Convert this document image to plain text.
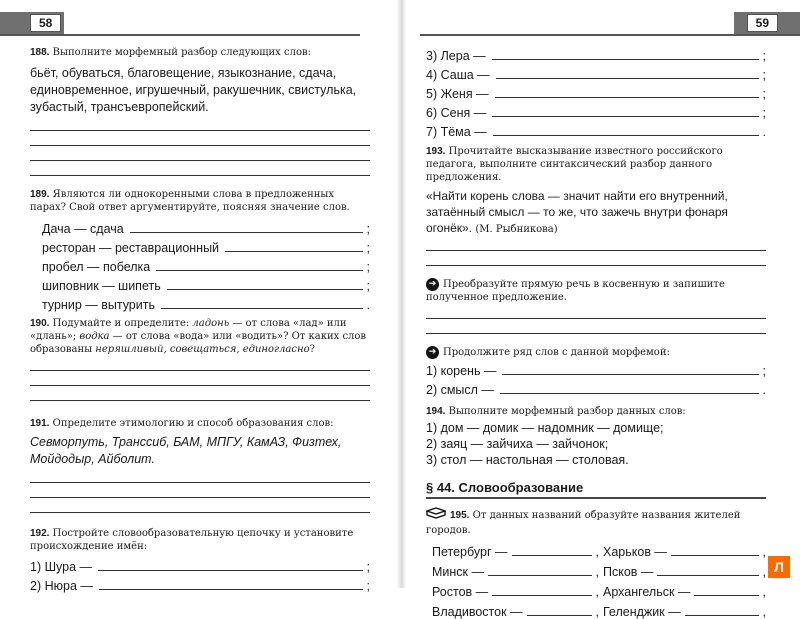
58
188. Выполните морфемный разбор следующих слов:
бьёт, обуваться, благовещение, языкознание, сдача, единовременное, игрушечный, ракушечник, свистулька, зубастый, трансъевропейский.
189. Являются ли однокоренными слова в предложенных парах? Свой ответ аргументируйте, поясняя значение слов.
Дача — сдача	;
ресторан — реставрационный	;
пробел — побелка	;
шиповник — шипеть	;
турнир — вытурить	.
190. Подумайте и определите: ладонь — от слова «лад» или «длань»; водка — от слова «вода» или «водить»? От каких слов образованы неряшливый, совещаться, единогласно?
191. Определите этимологию и способ образования слов:
Севморпуть, Транссиб, БАМ, МПГУ, КамАЗ, Физтех, Мойдодыр, Айболит.
192. Постройте словообразовательную цепочку и установите происхождение имён:
1) Шура —	;
2) Нюра —	;
59
3) Лера —	;
4) Саша —	;
5) Женя —	;
6) Сеня —	;
7) Тёма —	.
193. Прочитайте высказывание известного российского педагога, выполните синтаксический разбор данного предложения.
«Найти корень слова — значит найти его внутренний, затаённый смысл — то же, что зажечь внутри фонаря огонёк». (М. Рыбникова)
➔ Преобразуйте прямую речь в косвенную и запишите полученное предложение.
➔ Продолжите ряд слов с данной морфемой:
1) корень —	;
2) смысл —	.
194. Выполните морфемный разбор данных слов:
1) дом — домик — надомник — домище;
2) заяц — зайчиха — зайчонок;
3) стол — настольная — столовая.
§ 44. Словообразование
195. От данных названий образуйте названия жителей городов.
Петербург —	, Харьков —	,
Минск —	, Псков —	,
Ростов —	, Архангельск —	,
Владивосток —	, Геленджик —	,
Л
